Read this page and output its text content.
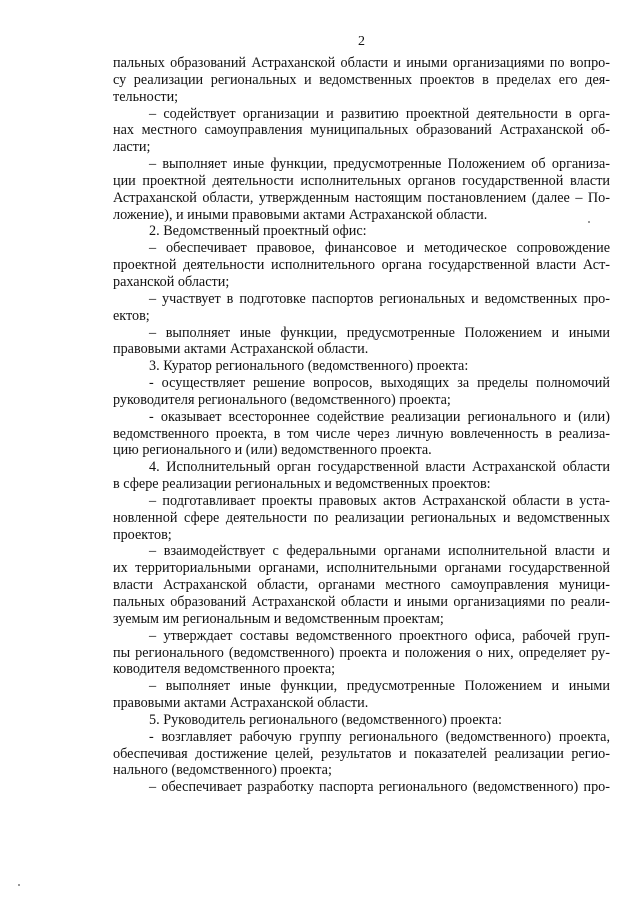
2
пальных образований Астраханской области и иными организациями по вопро-
су реализации региональных и ведомственных проектов в пределах его дея-
тельности;
– содействует организации и развитию проектной деятельности в орга-
нах местного самоуправления муниципальных образований Астраханской об-
ласти;
– выполняет иные функции, предусмотренные Положением об организа-
ции проектной деятельности исполнительных органов государственной власти
Астраханской области, утвержденным настоящим постановлением (далее – По-
ложение), и иными правовыми актами Астраханской области.
2. Ведомственный проектный офис:
– обеспечивает правовое, финансовое и методическое сопровождение
проектной деятельности исполнительного органа государственной власти Аст-
раханской области;
– участвует в подготовке паспортов региональных и ведомственных про-
ектов;
– выполняет иные функции, предусмотренные Положением и иными
правовыми актами Астраханской области.
3. Куратор регионального (ведомственного) проекта:
- осуществляет решение вопросов, выходящих за пределы полномочий
руководителя регионального (ведомственного) проекта;
- оказывает всестороннее содействие реализации регионального и (или)
ведомственного проекта, в том числе через личную вовлеченность в реализа-
цию регионального и (или) ведомственного проекта.
4. Исполнительный орган государственной власти Астраханской области
в сфере реализации региональных и ведомственных проектов:
– подготавливает проекты правовых актов Астраханской области в уста-
новленной сфере деятельности по реализации региональных и ведомственных
проектов;
– взаимодействует с федеральными органами исполнительной власти и
их территориальными органами, исполнительными органами государственной
власти Астраханской области, органами местного самоуправления муници-
пальных образований Астраханской области и иными организациями по реали-
зуемым им региональным и ведомственным проектам;
– утверждает составы ведомственного проектного офиса, рабочей груп-
пы регионального (ведомственного) проекта и положения о них, определяет ру-
ководителя ведомственного проекта;
– выполняет иные функции, предусмотренные Положением и иными
правовыми актами Астраханской области.
5. Руководитель регионального (ведомственного) проекта:
- возглавляет рабочую группу регионального (ведомственного) проекта,
обеспечивая достижение целей, результатов и показателей реализации регио-
нального (ведомственного) проекта;
– обеспечивает разработку паспорта регионального (ведомственного) про-
